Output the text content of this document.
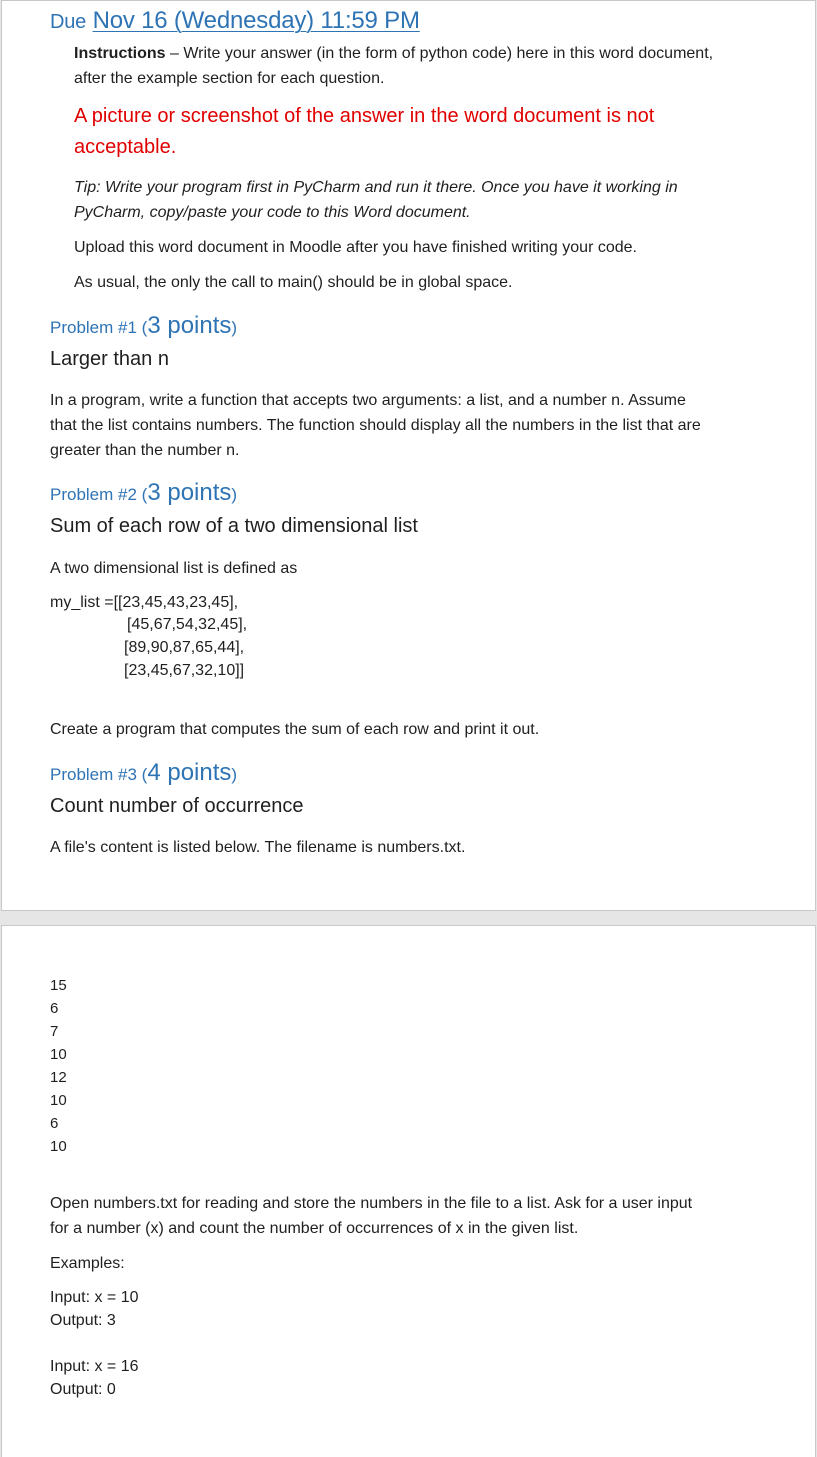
Due Nov 16 (Wednesday) 11:59 PM

Instructions – Write your answer (in the form of python code) here in this word document,

after the example section for each question.

A picture or screenshot of the answer in the word document is not

acceptable.

Tip: Write your program first in PyCharm and run it there. Once you have it working in

PyCharm, copy/paste your code to this Word document.

Upload this word document in Moodle after you have finished writing your code.

As usual, the only the call to main() should be in global space.

Problem #1 (3 points)

Larger than n

In a program, write a function that accepts two arguments: a list, and a number n. Assume

that the list contains numbers. The function should display all the numbers in the list that are

greater than the number n.

Problem #2 (3 points)

Sum of each row of a two dimensional list

A two dimensional list is defined as

my_list =[[23,45,43,23,45],

[45,67,54,32,45],

[89,90,87,65,44],

[23,45,67,32,10]]

Create a program that computes the sum of each row and print it out.

Problem #3 (4 points)

Count number of occurrence

A file's content is listed below. The filename is numbers.txt.

15
6
7
10
12
10
6
10

Open numbers.txt for reading and store the numbers in the file to a list. Ask for a user input

for a number (x) and count the number of occurrences of x in the given list.

Examples:

Input: x = 10

Output: 3

Input: x = 16

Output: 0
